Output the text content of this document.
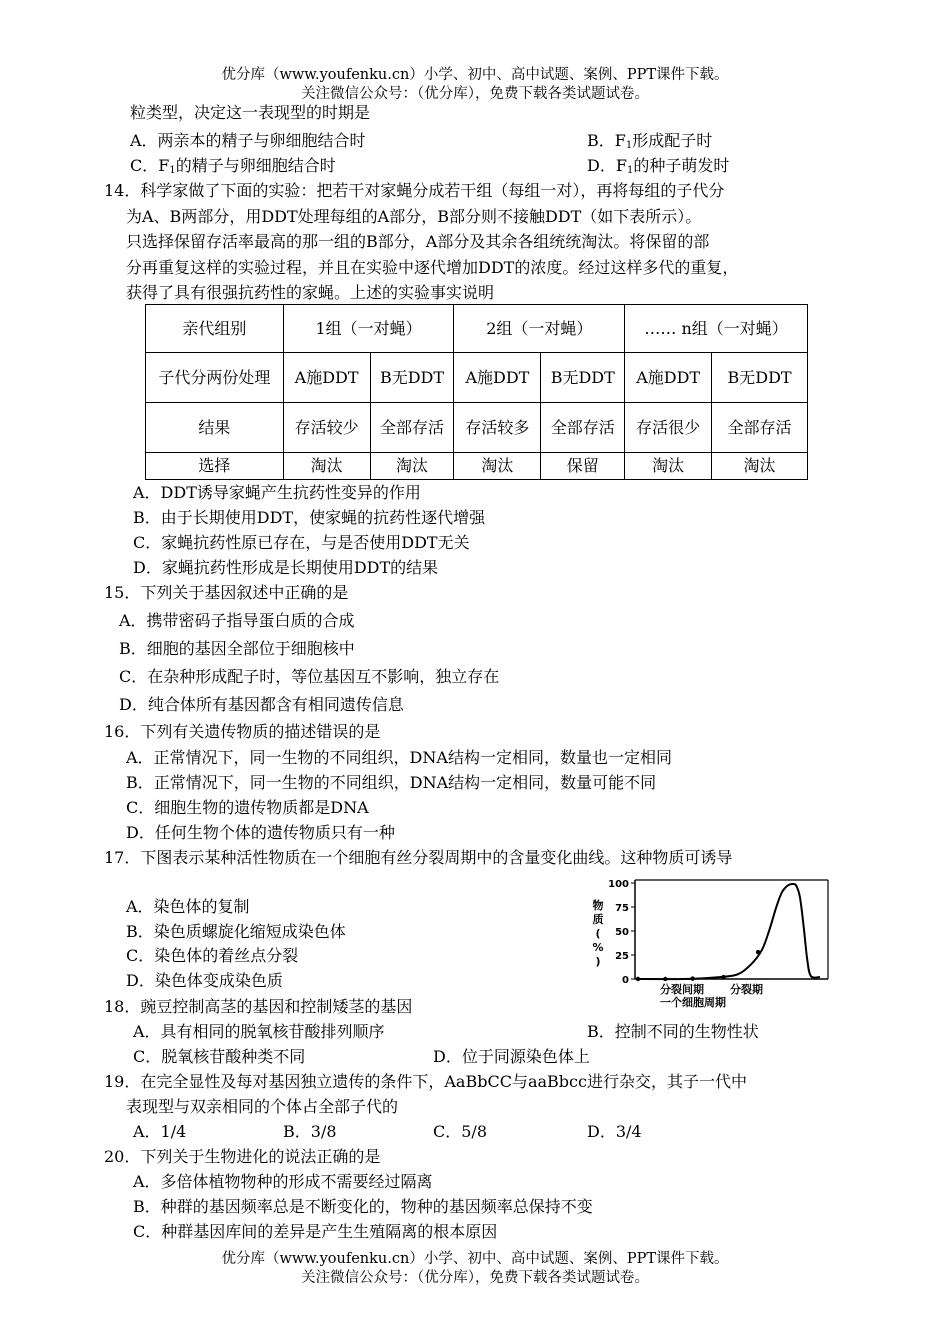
优分库（www.youfenku.cn）小学、初中、高中试题、案例、PPT课件下载。
关注微信公众号：（优分库），免费下载各类试题试卷。
粒类型，决定这一表现型的时期是
A．两亲本的精子与卵细胞结合时	B．$F_1$形成配子时
C．$F_1$的精子与卵细胞结合时	D．$F_1$的种子萌发时
14．科学家做了下面的实验：把若干对家蝇分成若干组（每组一对），再将每组的子代分
为A、B两部分，用DDT处理每组的A部分，B部分则不接触DDT（如下表所示）。
只选择保留存活率最高的那一组的B部分，A部分及其余各组统统淘汰。将保留的部
分再重复这样的实验过程，并且在实验中逐代增加DDT的浓度。经过这样多代的重复，
获得了具有很强抗药性的家蝇。上述的实验事实说明
亲代组别	1组（一对蝇）		2组（一对蝇）		…… n组（一对蝇）	
子代分两份处理	A施DDT	B无DDT	A施DDT	B无DDT	A施DDT	B无DDT
结果	存活较少	全部存活	存活较多	全部存活	存活很少	全部存活
选择	淘汰	淘汰	淘汰	保留	淘汰	淘汰
A．DDT诱导家蝇产生抗药性变异的作用
B．由于长期使用DDT，使家蝇的抗药性逐代增强
C．家蝇抗药性原已存在，与是否使用DDT无关
D．家蝇抗药性形成是长期使用DDT的结果
15．下列关于基因叙述中正确的是
A．携带密码子指导蛋白质的合成
B．细胞的基因全部位于细胞核中
C．在杂种形成配子时，等位基因互不影响，独立存在
D．纯合体所有基因都含有相同遗传信息
16．下列有关遗传物质的描述错误的是
A．正常情况下，同一生物的不同组织，DNA结构一定相同，数量也一定相同
B．正常情况下，同一生物的不同组织，DNA结构一定相同，数量可能不同
C．细胞生物的遗传物质都是DNA
D．任何生物个体的遗传物质只有一种
17．下图表示某种活性物质在一个细胞有丝分裂周期中的含量变化曲线。这种物质可诱导
A．染色体的复制
B．染色质螺旋化缩短成染色体
C．染色体的着丝点分裂
D．染色体变成染色质
物
质
(
%
)
100
75
50
25
0
分裂间期 分裂期
一个细胞周期
18．豌豆控制高茎的基因和控制矮茎的基因
A．具有相同的脱氧核苷酸排列顺序	B．控制不同的生物性状
C．脱氧核苷酸种类不同	D．位于同源染色体上
19．在完全显性及每对基因独立遗传的条件下，AaBbCC与aaBbcc进行杂交，其子一代中
表现型与双亲相同的个体占全部子代的
A．1/4	B．3/8	C．5/8	D．3/4
20．下列关于生物进化的说法正确的是
A．多倍体植物物种的形成不需要经过隔离
B．种群的基因频率总是不断变化的，物种的基因频率总保持不变
C．种群基因库间的差异是产生生殖隔离的根本原因
优分库（www.youfenku.cn）小学、初中、高中试题、案例、PPT课件下载。
关注微信公众号：（优分库），免费下载各类试题试卷。
